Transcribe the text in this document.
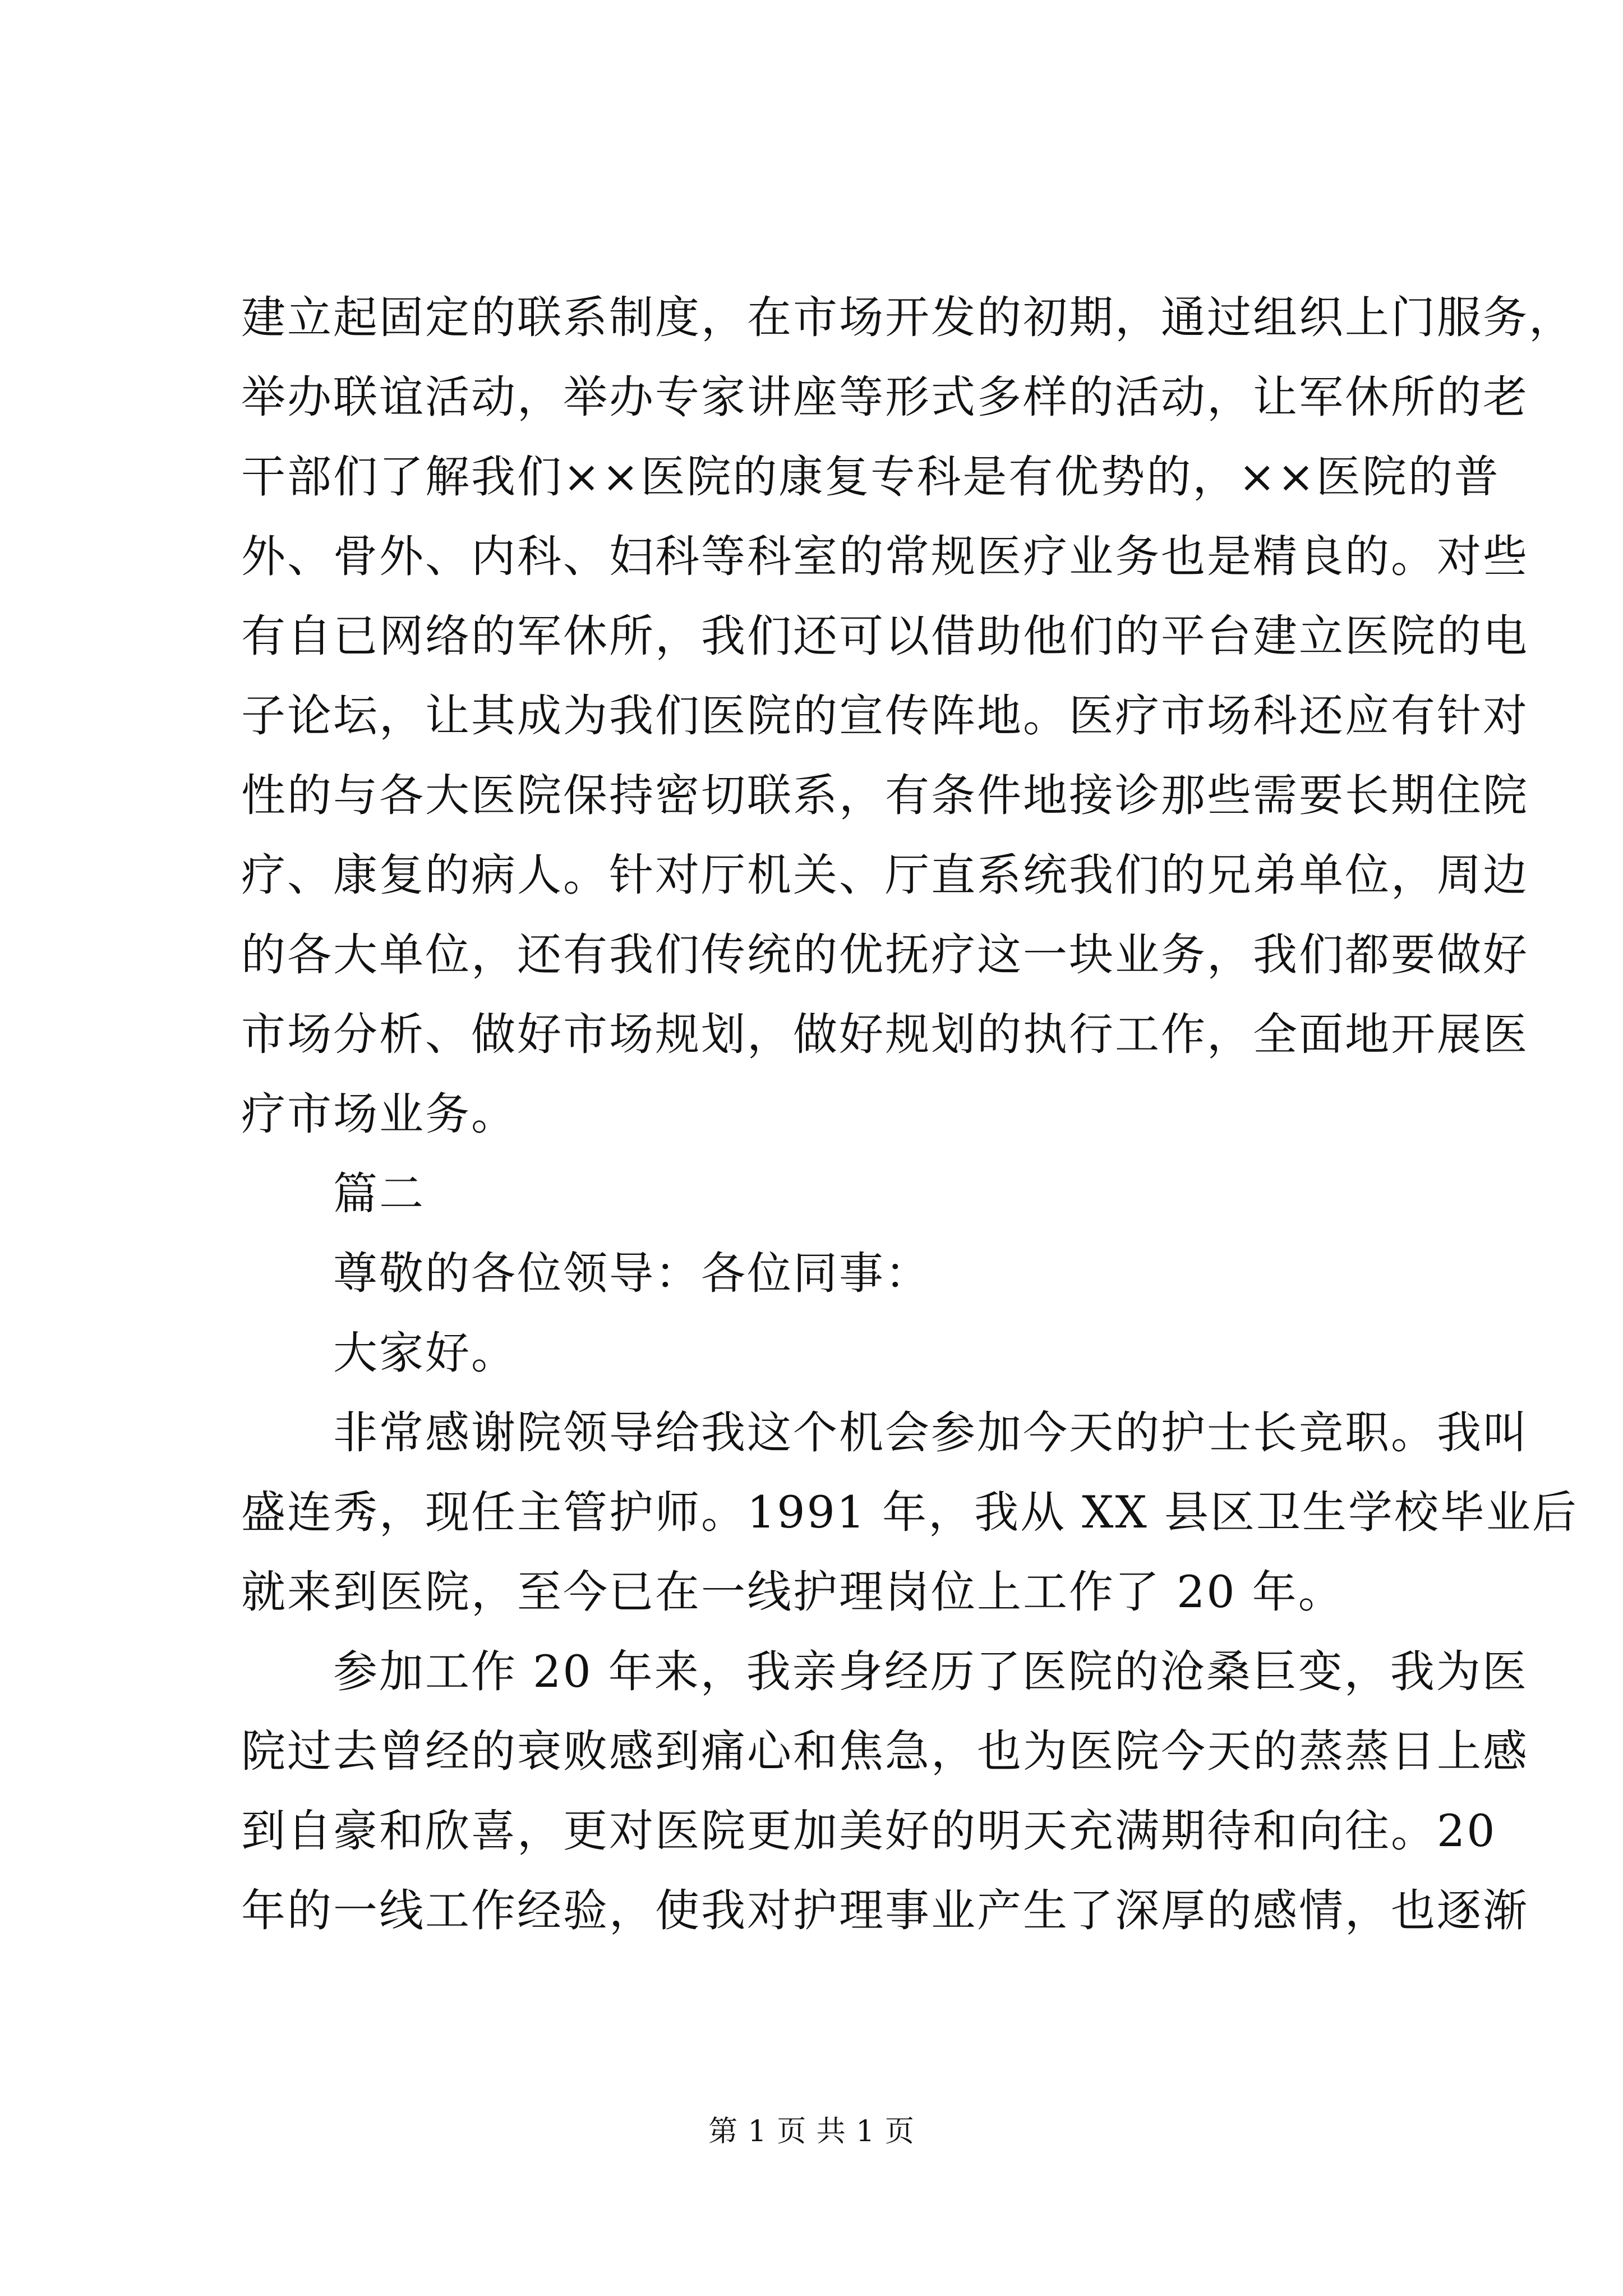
建立起固定的联系制度，在市场开发的初期，通过组织上门服务，
举办联谊活动，举办专家讲座等形式多样的活动，让军休所的老
干部们了解我们××医院的康复专科是有优势的，××医院的普
外、骨外、内科、妇科等科室的常规医疗业务也是精良的。对些
有自已网络的军休所，我们还可以借助他们的平台建立医院的电
子论坛，让其成为我们医院的宣传阵地。医疗市场科还应有针对
性的与各大医院保持密切联系，有条件地接诊那些需要长期住院
疗、康复的病人。针对厅机关、厅直系统我们的兄弟单位，周边
的各大单位，还有我们传统的优抚疗这一块业务，我们都要做好
市场分析、做好市场规划，做好规划的执行工作，全面地开展医
疗市场业务。
篇二
尊敬的各位领导：各位同事：
大家好。
非常感谢院领导给我这个机会参加今天的护士长竞职。我叫
盛连秀，现任主管护师。1991 年，我从 XX 县区卫生学校毕业后
就来到医院，至今已在一线护理岗位上工作了 20 年。
参加工作 20 年来，我亲身经历了医院的沧桑巨变，我为医
院过去曾经的衰败感到痛心和焦急，也为医院今天的蒸蒸日上感
到自豪和欣喜，更对医院更加美好的明天充满期待和向往。20
年的一线工作经验，使我对护理事业产生了深厚的感情，也逐渐
第 1 页 共 1 页
